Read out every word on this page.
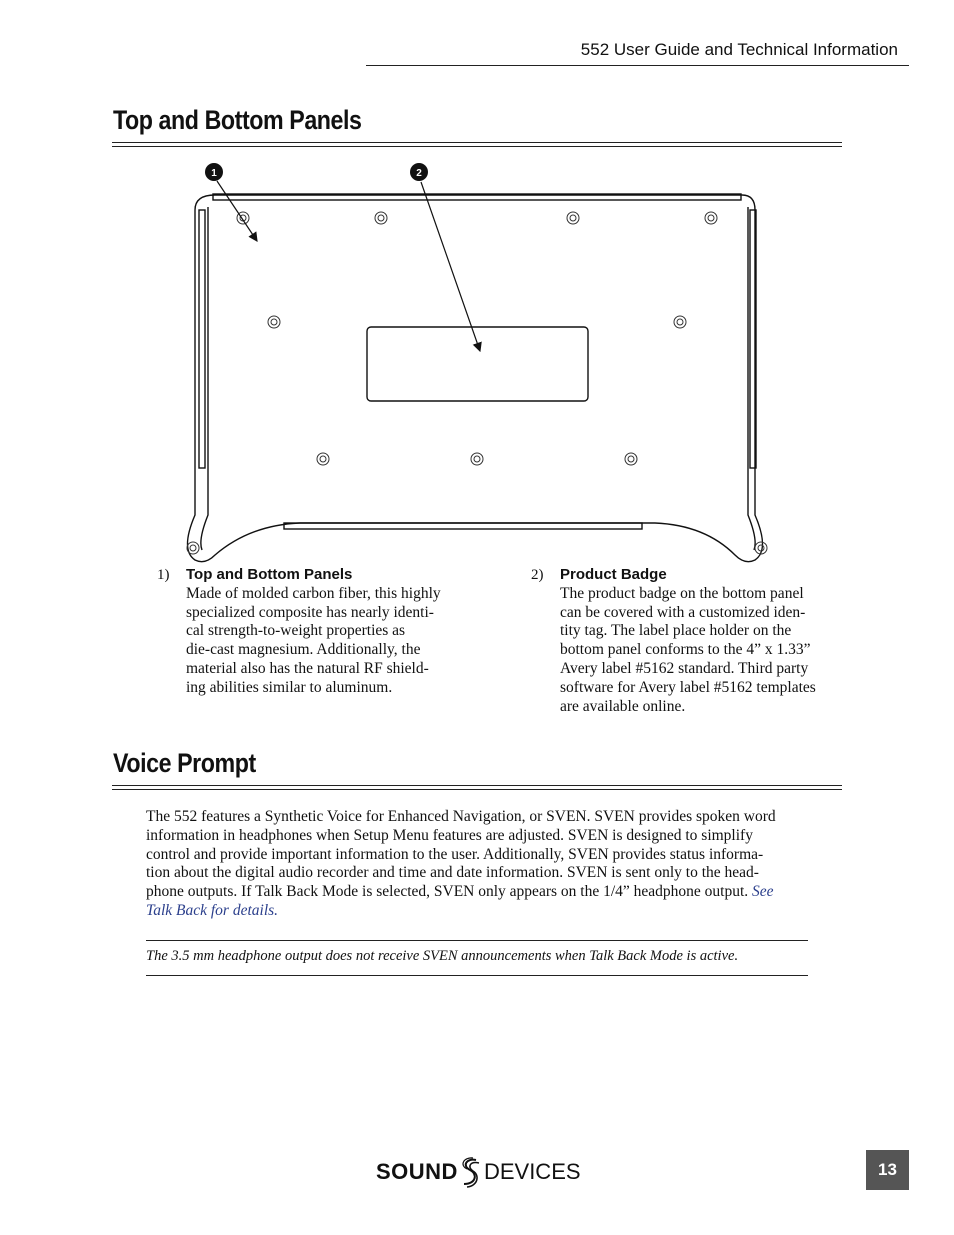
552 User Guide and Technical Information
Top and Bottom Panels
1	2
1) Top and Bottom Panels
Made of molded carbon fiber, this highly
specialized composite has nearly identi-
cal strength-to-weight properties as
die-cast magnesium. Additionally, the
material also has the natural RF shield-
ing abilities similar to aluminum.
2) Product Badge
The product badge on the bottom panel
can be covered with a customized iden-
tity tag. The label place holder on the
bottom panel conforms to the 4” x 1.33”
Avery label #5162 standard. Third party
software for Avery label #5162 templates
are available online.
Voice Prompt
The 552 features a Synthetic Voice for Enhanced Navigation, or SVEN. SVEN provides spoken word
information in headphones when Setup Menu features are adjusted. SVEN is designed to simplify
control and provide important information to the user. Additionally, SVEN provides status informa-
tion about the digital audio recorder and time and date information. SVEN is sent only to the head-
phone outputs. If Talk Back Mode is selected, SVEN only appears on the 1/4” headphone output. See
Talk Back for details.
The 3.5 mm headphone output does not receive SVEN announcements when Talk Back Mode is active.
SOUND DEVICES	13
